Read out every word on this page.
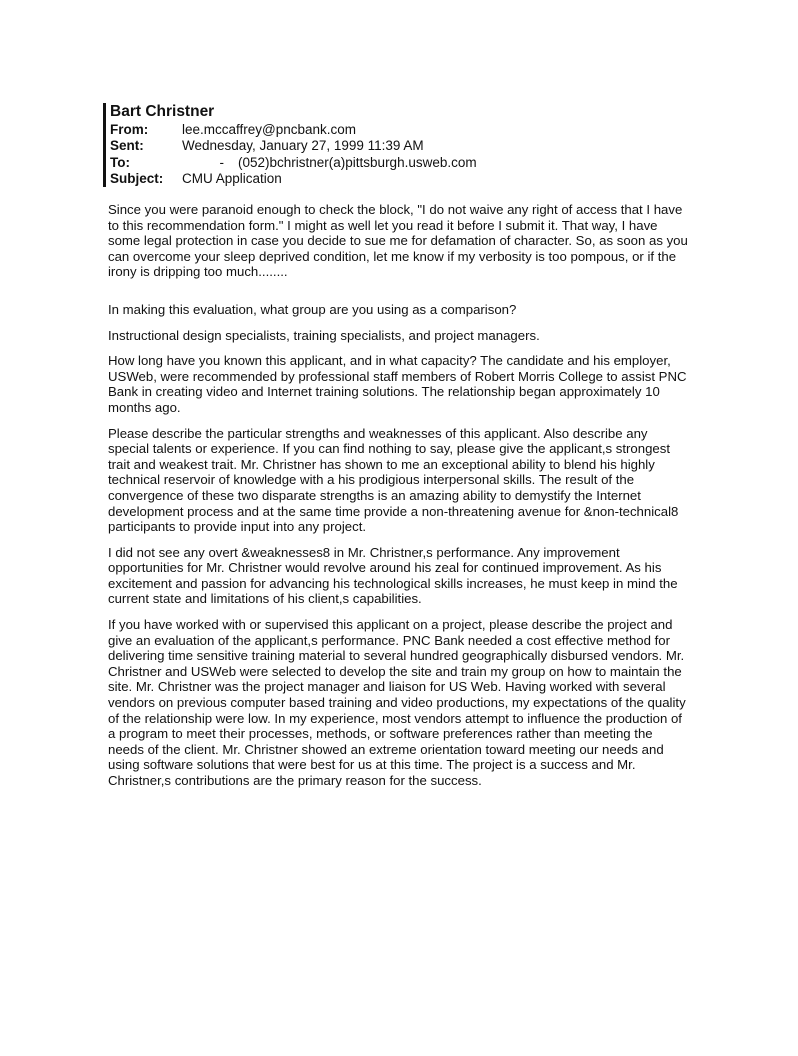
Bart Christner
From:	lee.mccaffrey@pncbank.com
Sent:	Wednesday, January 27, 1999 11:39 AM
To:	- (052)bchristner(a)pittsburgh.usweb.com
Subject:	CMU Application

Since you were paranoid enough to check the block, "I do not waive any right of access that I have to this recommendation form." I might as well let you read it before I submit it. That way, I have some legal protection in case you decide to sue me for defamation of character. So, as soon as you can overcome your sleep deprived condition, let me know if my verbosity is too pompous, or if the irony is dripping too much........

In making this evaluation, what group are you using as a comparison?

Instructional design specialists, training specialists, and project managers.

How long have you known this applicant, and in what capacity? The candidate and his employer, USWeb, were recommended by professional staff members of Robert Morris College to assist PNC Bank in creating video and Internet training solutions. The relationship began approximately 10 months ago.

Please describe the particular strengths and weaknesses of this applicant. Also describe any special talents or experience. If you can find nothing to say, please give the applicant,s strongest trait and weakest trait. Mr. Christner has shown to me an exceptional ability to blend his highly technical reservoir of knowledge with a his prodigious interpersonal skills. The result of the convergence of these two disparate strengths is an amazing ability to demystify the Internet development process and at the same time provide a non-threatening avenue for &non-technical8 participants to provide input into any project.

I did not see any overt &weaknesses8 in Mr. Christner,s performance. Any improvement opportunities for Mr. Christner would revolve around his zeal for continued improvement. As his excitement and passion for advancing his technological skills increases, he must keep in mind the current state and limitations of his client,s capabilities.

If you have worked with or supervised this applicant on a project, please describe the project and give an evaluation of the applicant,s performance. PNC Bank needed a cost effective method for delivering time sensitive training material to several hundred geographically disbursed vendors. Mr. Christner and USWeb were selected to develop the site and train my group on how to maintain the site. Mr. Christner was the project manager and liaison for US Web. Having worked with several vendors on previous computer based training and video productions, my expectations of the quality of the relationship were low. In my experience, most vendors attempt to influence the production of a program to meet their processes, methods, or software preferences rather than meeting the needs of the client. Mr. Christner showed an extreme orientation toward meeting our needs and using software solutions that were best for us at this time. The project is a success and Mr. Christner,s contributions are the primary reason for the success.
